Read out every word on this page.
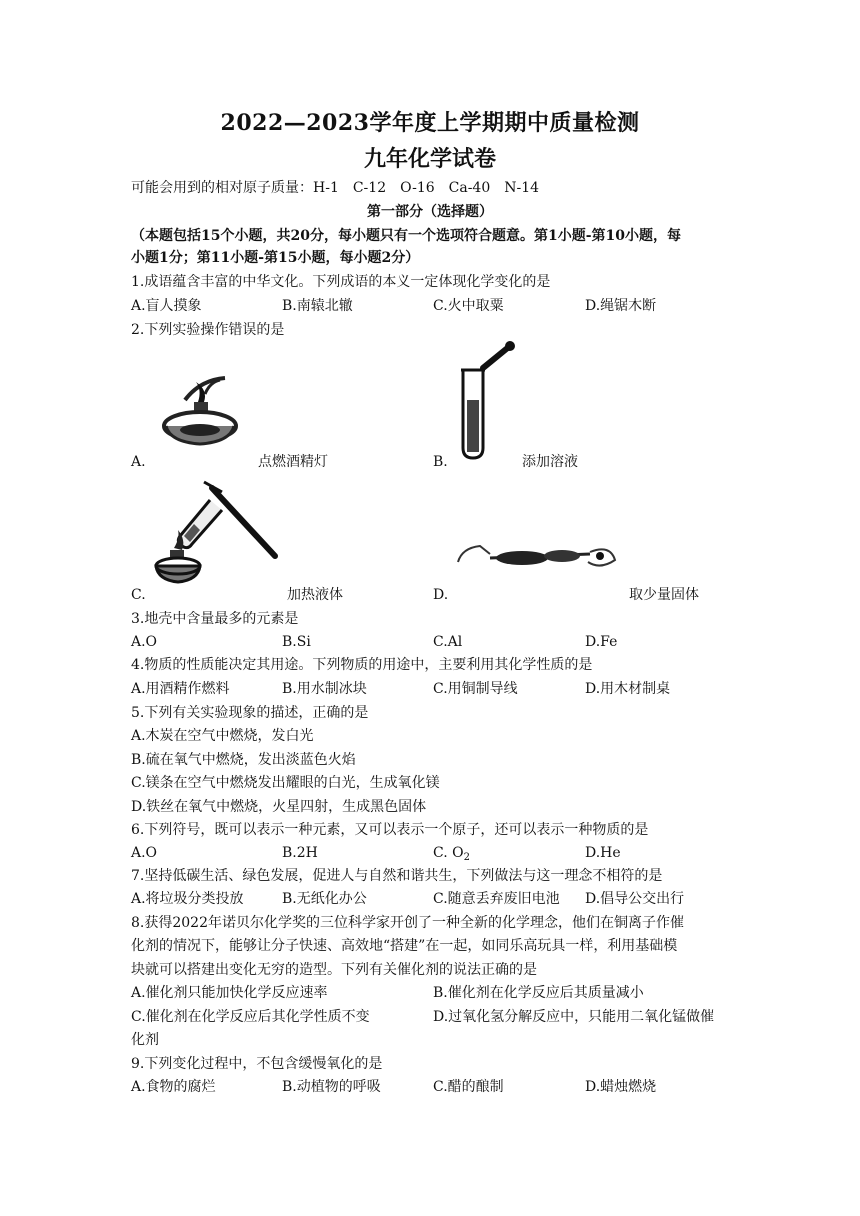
2022—2023学年度上学期期中质量检测
九年化学试卷
可能会用到的相对原子质量：H-1　C-12　O-16　Ca-40　N-14
第一部分（选择题）
（本题包括15个小题，共20分，每小题只有一个选项符合题意。第1小题-第10小题，每
小题1分；第11小题-第15小题，每小题2分）
1.成语蕴含丰富的中华文化。下列成语的本义一定体现化学变化的是
A.盲人摸象	B.南辕北辙	C.火中取粟	D.绳锯木断
2.下列实验操作错误的是
A.	点燃酒精灯	B.	添加溶液
C.	加热液体	D.	取少量固体
3.地壳中含量最多的元素是
A.O	B.Si	C.Al	D.Fe
4.物质的性质能决定其用途。下列物质的用途中，主要利用其化学性质的是
A.用酒精作燃料	B.用水制冰块	C.用铜制导线	D.用木材制桌
5.下列有关实验现象的描述，正确的是
A.木炭在空气中燃烧，发白光
B.硫在氧气中燃烧，发出淡蓝色火焰
C.镁条在空气中燃烧发出耀眼的白光，生成氧化镁
D.铁丝在氧气中燃烧，火星四射，生成黑色固体
6.下列符号，既可以表示一种元素，又可以表示一个原子，还可以表示一种物质的是
A.O	B.2H	C. $O_2$	D.He
7.坚持低碳生活、绿色发展，促进人与自然和谐共生，下列做法与这一理念不相符的是
A.将垃圾分类投放	B.无纸化办公	C.随意丢弃废旧电池 D.倡导公交出行
8.获得2022年诺贝尔化学奖的三位科学家开创了一种全新的化学理念，他们在铜离子作催
化剂的情况下，能够让分子快速、高效地“搭建”在一起，如同乐高玩具一样，利用基础模
块就可以搭建出变化无穷的造型。下列有关催化剂的说法正确的是
A.催化剂只能加快化学反应速率	B.催化剂在化学反应后其质量减小
C.催化剂在化学反应后其化学性质不变	D.过氧化氢分解反应中，只能用二氧化锰做催
化剂
9.下列变化过程中，不包含缓慢氧化的是
A.食物的腐烂	B.动植物的呼吸	C.醋的酿制	D.蜡烛燃烧
